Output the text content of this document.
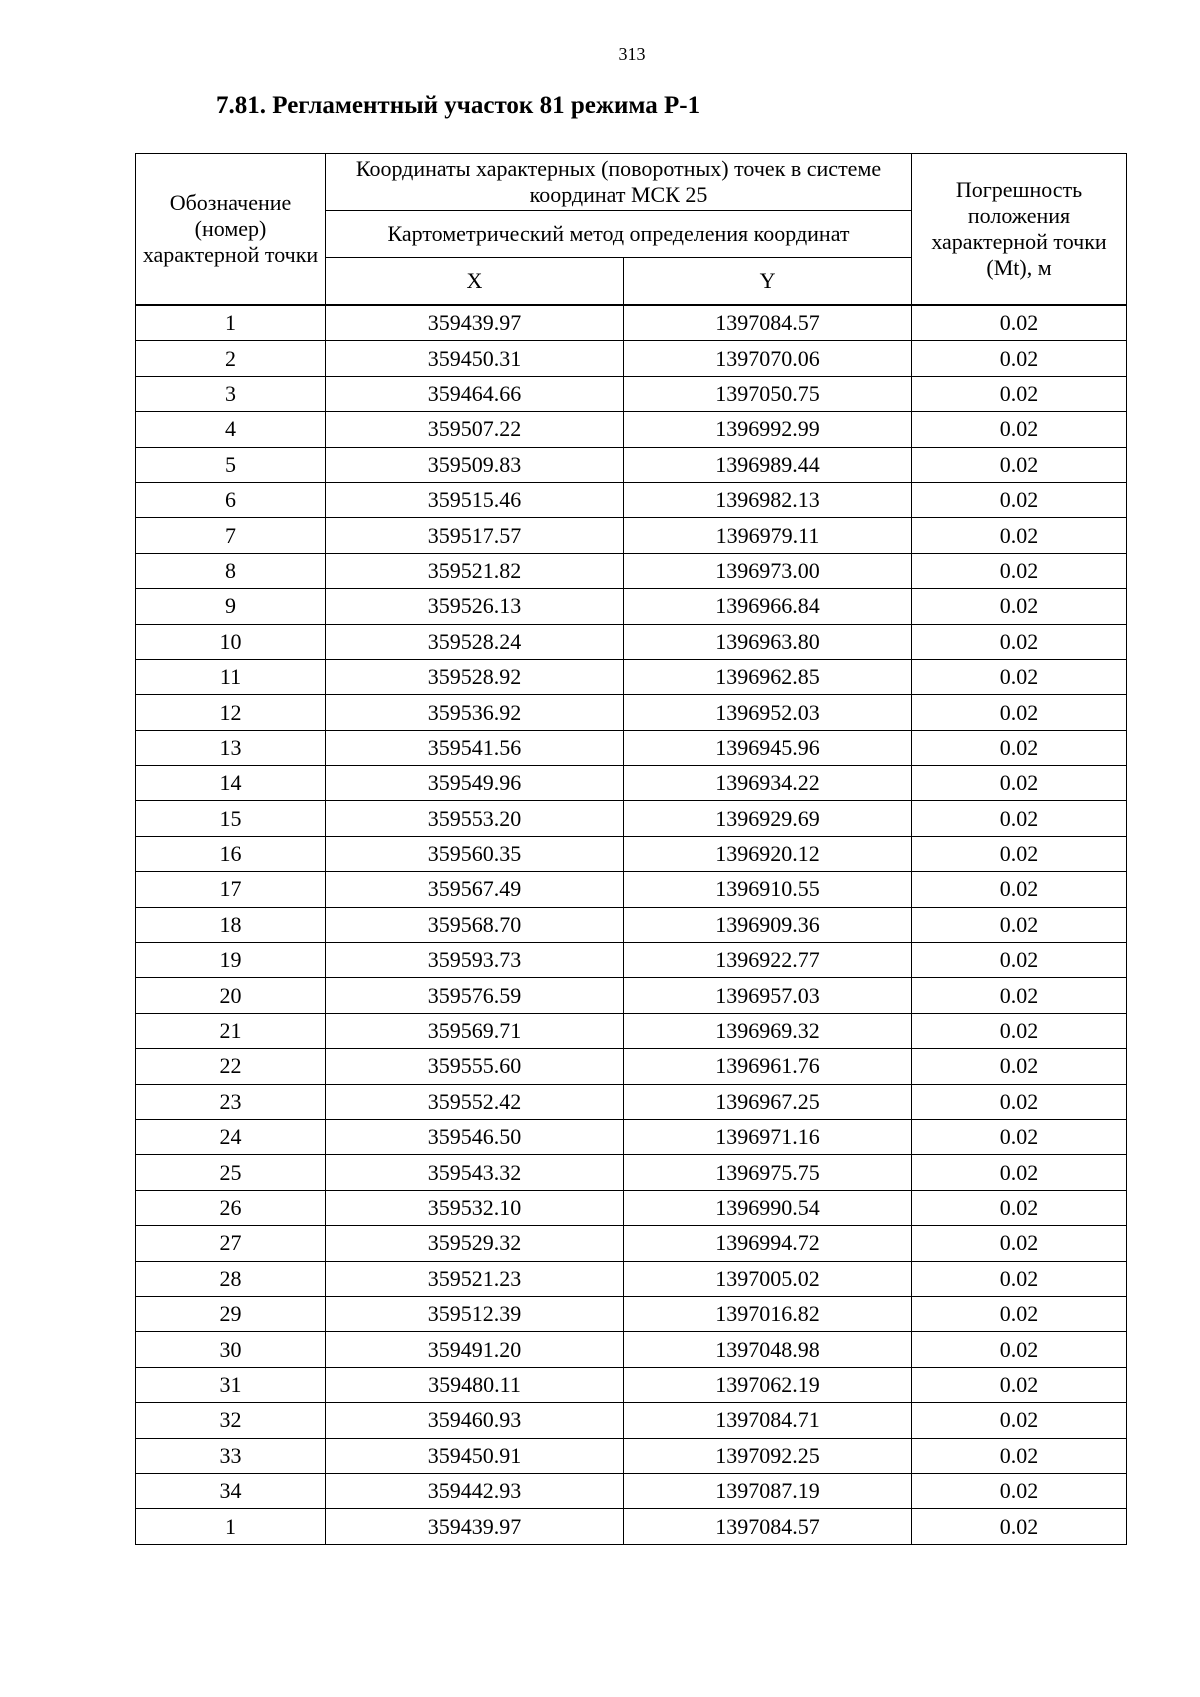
313
7.81. Регламентный участок 81 режима Р-1
Обозначение (номер) характерной точки	Координаты характерных (поворотных) точек в системе координат МСК 25		Погрешность положения характерной точки (Mt), м
	Картометрический метод определения координат		
	X	Y	
1	359439.97	1397084.57	0.02
2	359450.31	1397070.06	0.02
3	359464.66	1397050.75	0.02
4	359507.22	1396992.99	0.02
5	359509.83	1396989.44	0.02
6	359515.46	1396982.13	0.02
7	359517.57	1396979.11	0.02
8	359521.82	1396973.00	0.02
9	359526.13	1396966.84	0.02
10	359528.24	1396963.80	0.02
11	359528.92	1396962.85	0.02
12	359536.92	1396952.03	0.02
13	359541.56	1396945.96	0.02
14	359549.96	1396934.22	0.02
15	359553.20	1396929.69	0.02
16	359560.35	1396920.12	0.02
17	359567.49	1396910.55	0.02
18	359568.70	1396909.36	0.02
19	359593.73	1396922.77	0.02
20	359576.59	1396957.03	0.02
21	359569.71	1396969.32	0.02
22	359555.60	1396961.76	0.02
23	359552.42	1396967.25	0.02
24	359546.50	1396971.16	0.02
25	359543.32	1396975.75	0.02
26	359532.10	1396990.54	0.02
27	359529.32	1396994.72	0.02
28	359521.23	1397005.02	0.02
29	359512.39	1397016.82	0.02
30	359491.20	1397048.98	0.02
31	359480.11	1397062.19	0.02
32	359460.93	1397084.71	0.02
33	359450.91	1397092.25	0.02
34	359442.93	1397087.19	0.02
1	359439.97	1397084.57	0.02
